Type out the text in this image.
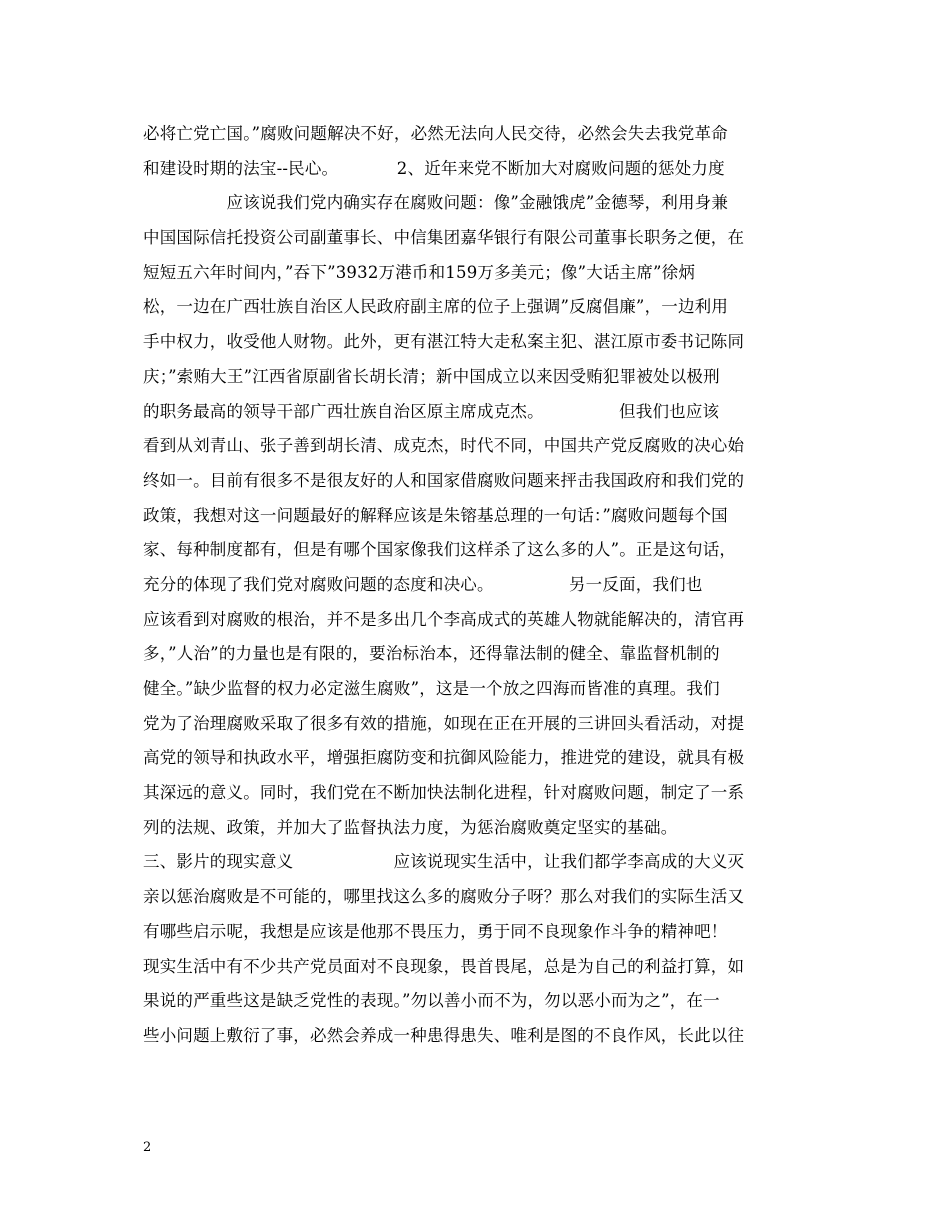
必将亡党亡国。”腐败问题解决不好，必然无法向人民交待，必然会失去我党革命
和建设时期的法宝--民心。　　　　2、近年来党不断加大对腐败问题的惩处力度
　　　　　应该说我们党内确实存在腐败问题：像”金融饿虎”金德琴，利用身兼
中国国际信托投资公司副董事长、中信集团嘉华银行有限公司董事长职务之便，在
短短五六年时间内，”吞下”3932万港币和159万多美元；像”大话主席”徐炳
松，一边在广西壮族自治区人民政府副主席的位子上强调”反腐倡廉”，一边利用
手中权力，收受他人财物。此外，更有湛江特大走私案主犯、湛江原市委书记陈同
庆；”索贿大王”江西省原副省长胡长清；新中国成立以来因受贿犯罪被处以极刑
的职务最高的领导干部广西壮族自治区原主席成克杰。　　　　　但我们也应该
看到从刘青山、张子善到胡长清、成克杰，时代不同，中国共产党反腐败的决心始
终如一。目前有很多不是很友好的人和国家借腐败问题来抨击我国政府和我们党的
政策，我想对这一问题最好的解释应该是朱镕基总理的一句话：”腐败问题每个国
家、每种制度都有，但是有哪个国家像我们这样杀了这么多的人”。正是这句话，
充分的体现了我们党对腐败问题的态度和决心。　　　　　另一反面，我们也
应该看到对腐败的根治，并不是多出几个李高成式的英雄人物就能解决的，清官再
多，”人治”的力量也是有限的，要治标治本，还得靠法制的健全、靠监督机制的
健全。”缺少监督的权力必定滋生腐败”，这是一个放之四海而皆准的真理。我们
党为了治理腐败采取了很多有效的措施，如现在正在开展的三讲回头看活动，对提
高党的领导和执政水平，增强拒腐防变和抗御风险能力，推进党的建设，就具有极
其深远的意义。同时，我们党在不断加快法制化进程，针对腐败问题，制定了一系
列的法规、政策，并加大了监督执法力度，为惩治腐败奠定坚实的基础。
三、影片的现实意义　　　　　　应该说现实生活中，让我们都学李高成的大义灭
亲以惩治腐败是不可能的，哪里找这么多的腐败分子呀？那么对我们的实际生活又
有哪些启示呢，我想是应该是他那不畏压力，勇于同不良现象作斗争的精神吧！
现实生活中有不少共产党员面对不良现象，畏首畏尾，总是为自己的利益打算，如
果说的严重些这是缺乏党性的表现。”勿以善小而不为，勿以恶小而为之”，在一
些小问题上敷衍了事，必然会养成一种患得患失、唯利是图的不良作风，长此以往
2
